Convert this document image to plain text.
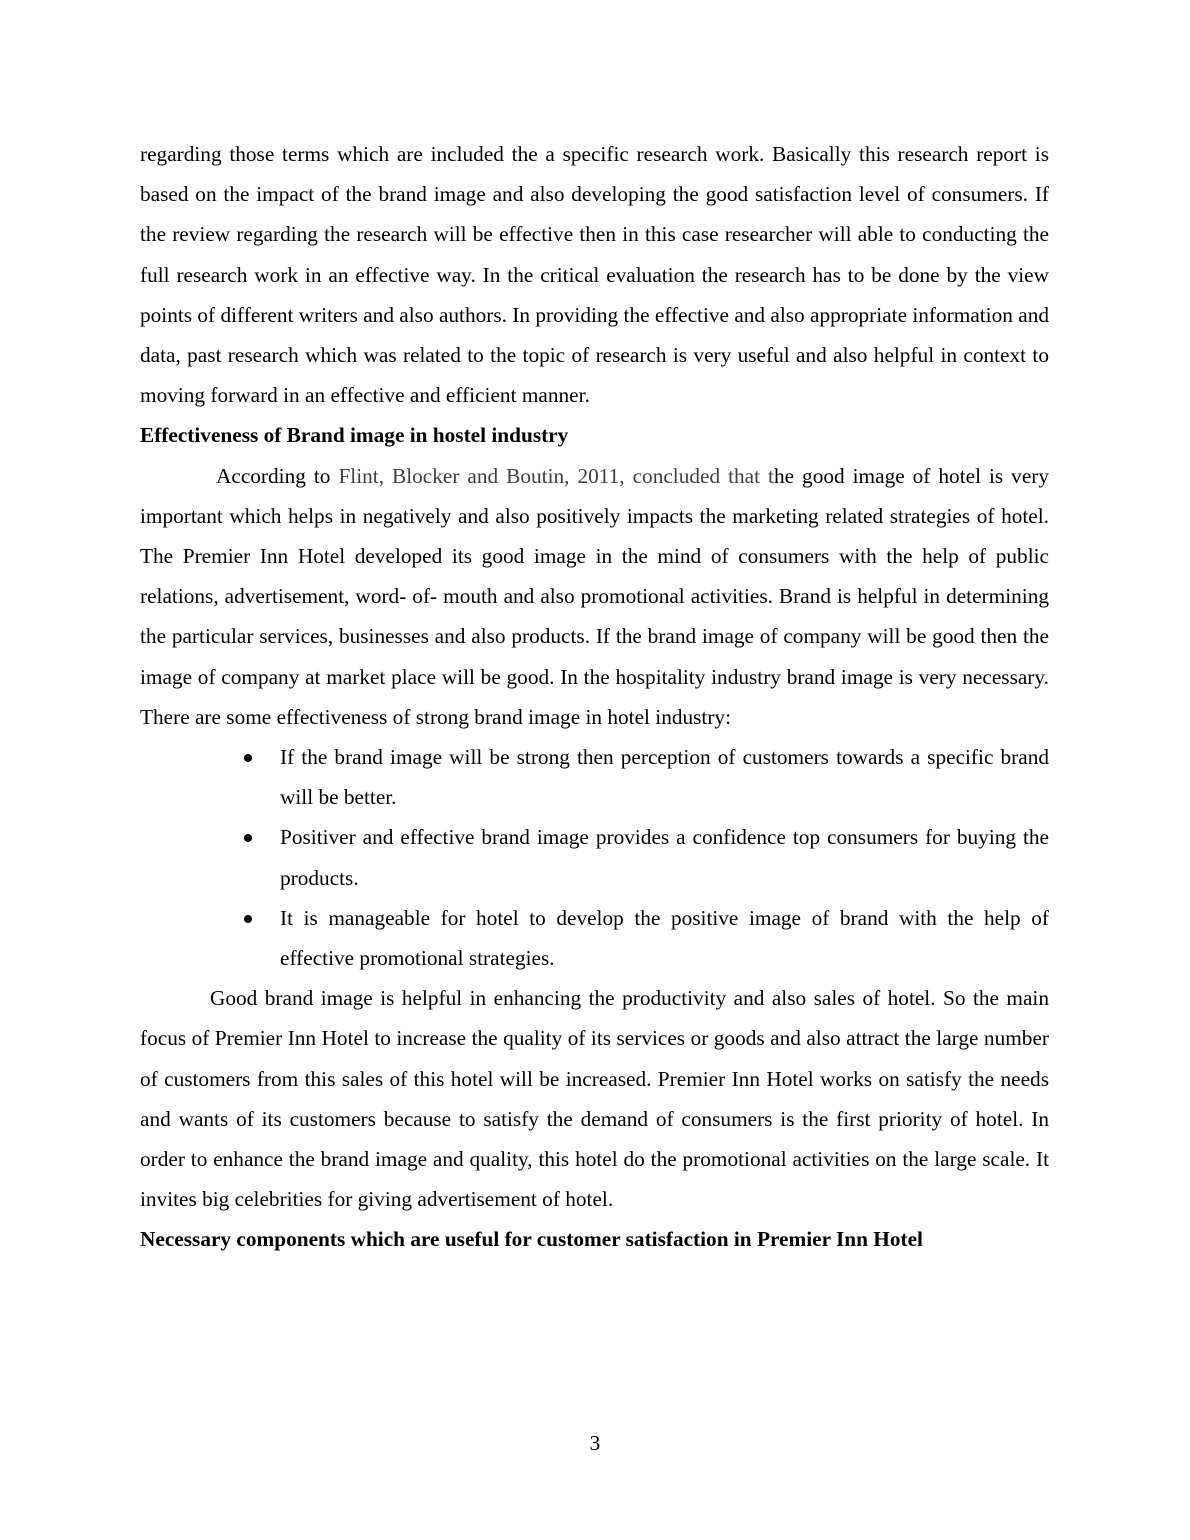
regarding those terms which are included the a specific research work. Basically this research report is based on the impact of the brand image and also developing the good satisfaction level of consumers. If the review regarding the research will be effective then in this case researcher will able to conducting the full research work in an effective way. In the critical evaluation the research has to be done by the view points of different writers and also authors. In providing the effective and also appropriate information and data, past research which was related to the topic of research is very useful and also helpful in context to moving forward in an effective and efficient manner.

Effectiveness of Brand image in hostel industry

According to Flint, Blocker and Boutin, 2011, concluded that the good image of hotel is very important which helps in negatively and also positively impacts the marketing related strategies of hotel. The Premier Inn Hotel developed its good image in the mind of consumers with the help of public relations, advertisement, word- of- mouth and also promotional activities. Brand is helpful in determining the particular services, businesses and also products. If the brand image of company will be good then the image of company at market place will be good. In the hospitality industry brand image is very necessary. There are some effectiveness of strong brand image in hotel industry:

If the brand image will be strong then perception of customers towards a specific brand will be better.
Positiver and effective brand image provides a confidence top consumers for buying the products.
It is manageable for hotel to develop the positive image of brand with the help of effective promotional strategies.

Good brand image is helpful in enhancing the productivity and also sales of hotel. So the main focus of Premier Inn Hotel to increase the quality of its services or goods and also attract the large number of customers from this sales of this hotel will be increased. Premier Inn Hotel works on satisfy the needs and wants of its customers because to satisfy the demand of consumers is the first priority of hotel. In order to enhance the brand image and quality, this hotel do the promotional activities on the large scale. It invites big celebrities for giving advertisement of hotel.

Necessary components which are useful for customer satisfaction in Premier Inn Hotel

3
